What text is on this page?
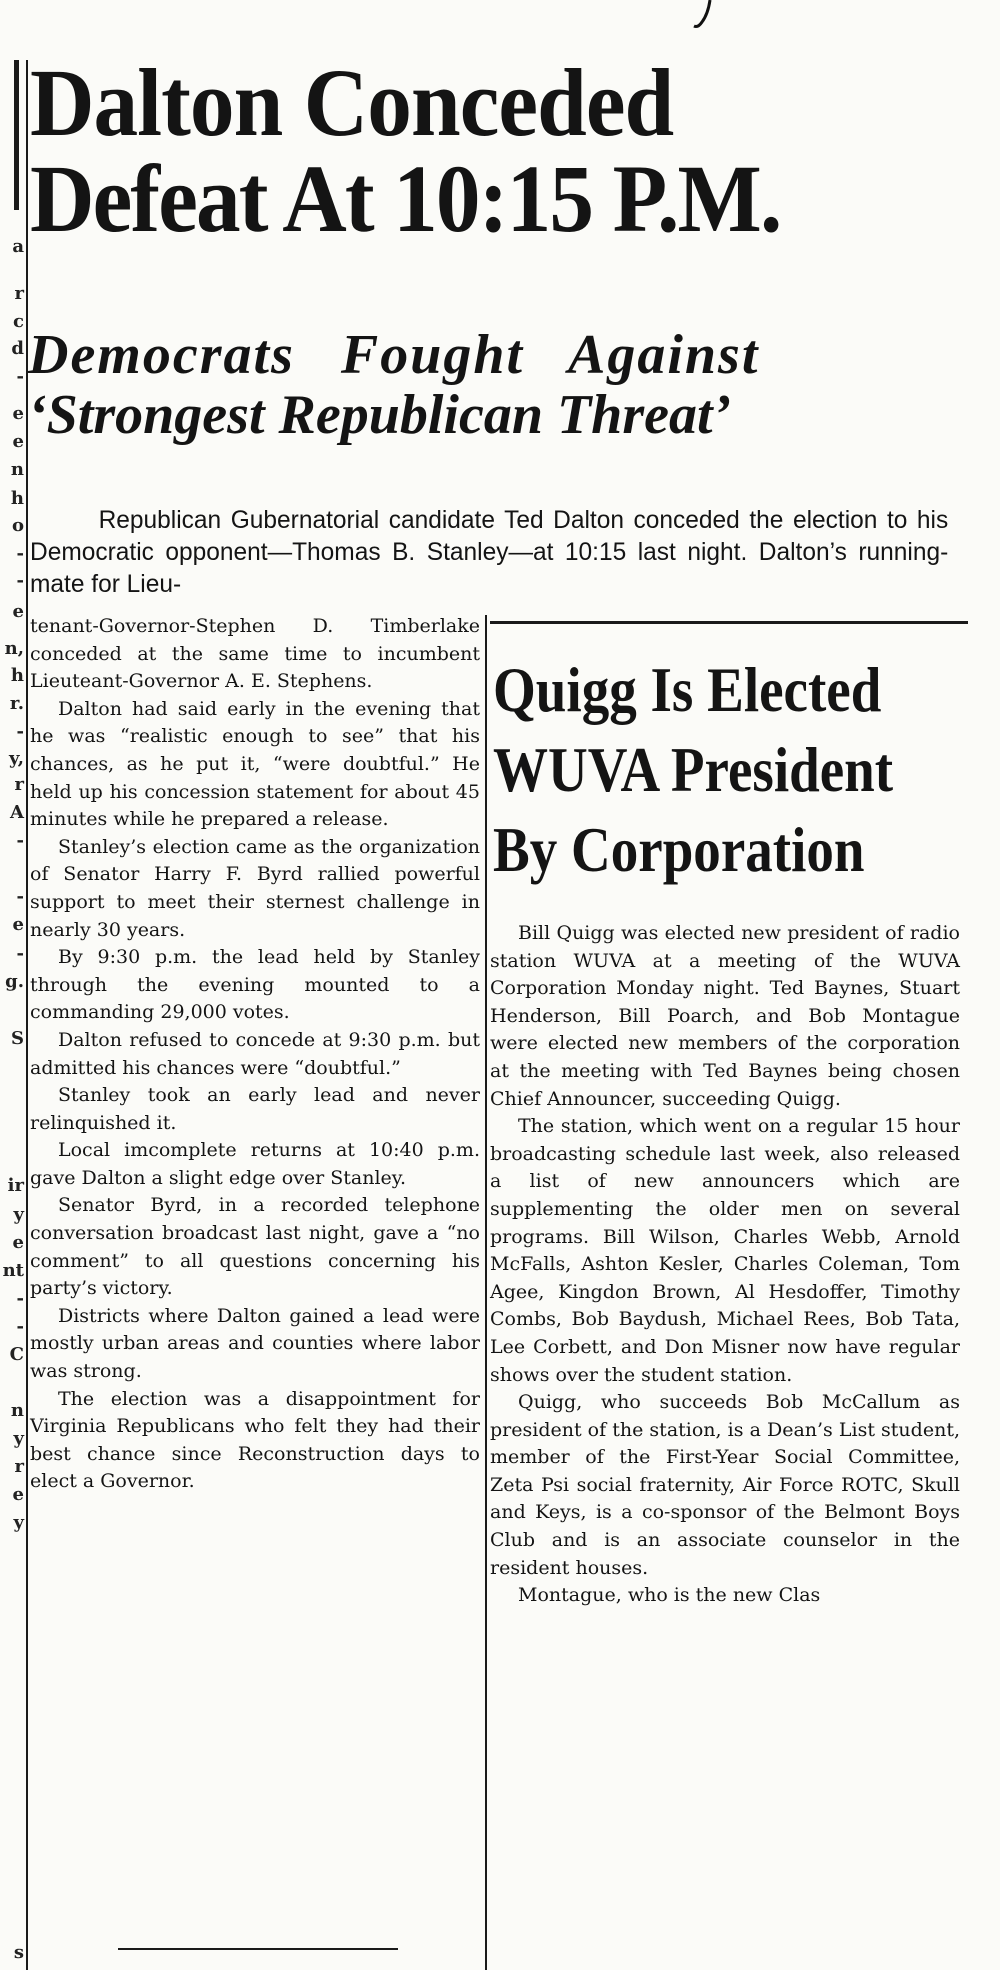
a
r
c
d
-
e
e
n
h
o
-
-
e
n,
h
r.
-
y,
r
A
-
-
e
-
g.
S
ir
y
e
nt
-
-
C
n
y
r
e
y
s
Dalton Conceded
Defeat At 10:15 P.M.
Democrats Fought Against
‘Strongest Republican Threat’

Republican Gubernatorial candidate Ted Dalton conceded the election to his Democratic opponent—Thomas B. Stanley—at 10:15 last night. Dalton’s running-mate for Lieu-

tenant-Governor-Stephen D. Timberlake conceded at the same time to incumbent Lieuteant-Governor A. E. Stephens.

Dalton had said early in the evening that he was “realistic enough to see” that his chances, as he put it, “were doubtful.” He held up his concession statement for about 45 minutes while he prepared a release.

Stanley’s election came as the organization of Senator Harry F. Byrd rallied powerful support to meet their sternest challenge in nearly 30 years.

By 9:30 p.m. the lead held by Stanley through the evening mounted to a commanding 29,000 votes.

Dalton refused to concede at 9:30 p.m. but admitted his chances were “doubtful.”

Stanley took an early lead and never relinquished it.

Local imcomplete returns at 10:40 p.m. gave Dalton a slight edge over Stanley.

Senator Byrd, in a recorded telephone conversation broadcast last night, gave a “no comment” to all questions concerning his party’s victory.

Districts where Dalton gained a lead were mostly urban areas and counties where labor was strong.

The election was a disappointment for Virginia Republicans who felt they had their best chance since Reconstruction days to elect a Governor.

Quigg Is Elected
WUVA President
By Corporation

Bill Quigg was elected new president of radio station WUVA at a meeting of the WUVA Corporation Monday night. Ted Baynes, Stuart Henderson, Bill Poarch, and Bob Montague were elected new members of the corporation at the meeting with Ted Baynes being chosen Chief Announcer, succeeding Quigg.

The station, which went on a regular 15 hour broadcasting schedule last week, also released a list of new announcers which are supplementing the older men on several programs. Bill Wilson, Charles Webb, Arnold McFalls, Ashton Kesler, Charles Coleman, Tom Agee, Kingdon Brown, Al Hesdoffer, Timothy Combs, Bob Baydush, Michael Rees, Bob Tata, Lee Corbett, and Don Misner now have regular shows over the student station.

Quigg, who succeeds Bob McCallum as president of the station, is a Dean’s List student, member of the First-Year Social Committee, Zeta Psi social fraternity, Air Force ROTC, Skull and Keys, is a co-sponsor of the Belmont Boys Club and is an associate counselor in the resident houses.

Montague, who is the new Clas
